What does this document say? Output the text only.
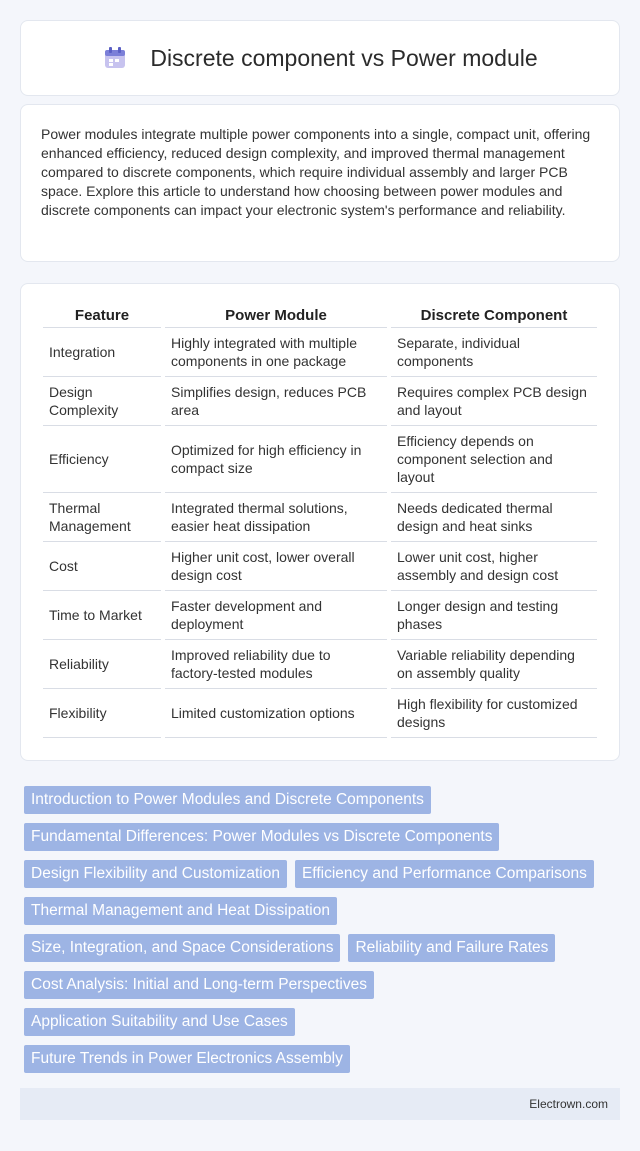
Discrete component vs Power module

Power modules integrate multiple power components into a single, compact unit, offering enhanced efficiency, reduced design complexity, and improved thermal management compared to discrete components, which require individual assembly and larger PCB space. Explore this article to understand how choosing between power modules and discrete components can impact your electronic system's performance and reliability.

Feature	Power Module	Discrete Component
Integration	Highly integrated with multiple components in one package	Separate, individual components
Design Complexity	Simplifies design, reduces PCB area	Requires complex PCB design and layout
Efficiency	Optimized for high efficiency in compact size	Efficiency depends on component selection and layout
Thermal Management	Integrated thermal solutions, easier heat dissipation	Needs dedicated thermal design and heat sinks
Cost	Higher unit cost, lower overall design cost	Lower unit cost, higher assembly and design cost
Time to Market	Faster development and deployment	Longer design and testing phases
Reliability	Improved reliability due to factory-tested modules	Variable reliability depending on assembly quality
Flexibility	Limited customization options	High flexibility for customized designs
Introduction to Power Modules and Discrete Components
Fundamental Differences: Power Modules vs Discrete Components
Design Flexibility and Customization	Efficiency and Performance Comparisons
Thermal Management and Heat Dissipation
Size, Integration, and Space Considerations	Reliability and Failure Rates
Cost Analysis: Initial and Long-term Perspectives
Application Suitability and Use Cases
Future Trends in Power Electronics Assembly
Electrown.com
